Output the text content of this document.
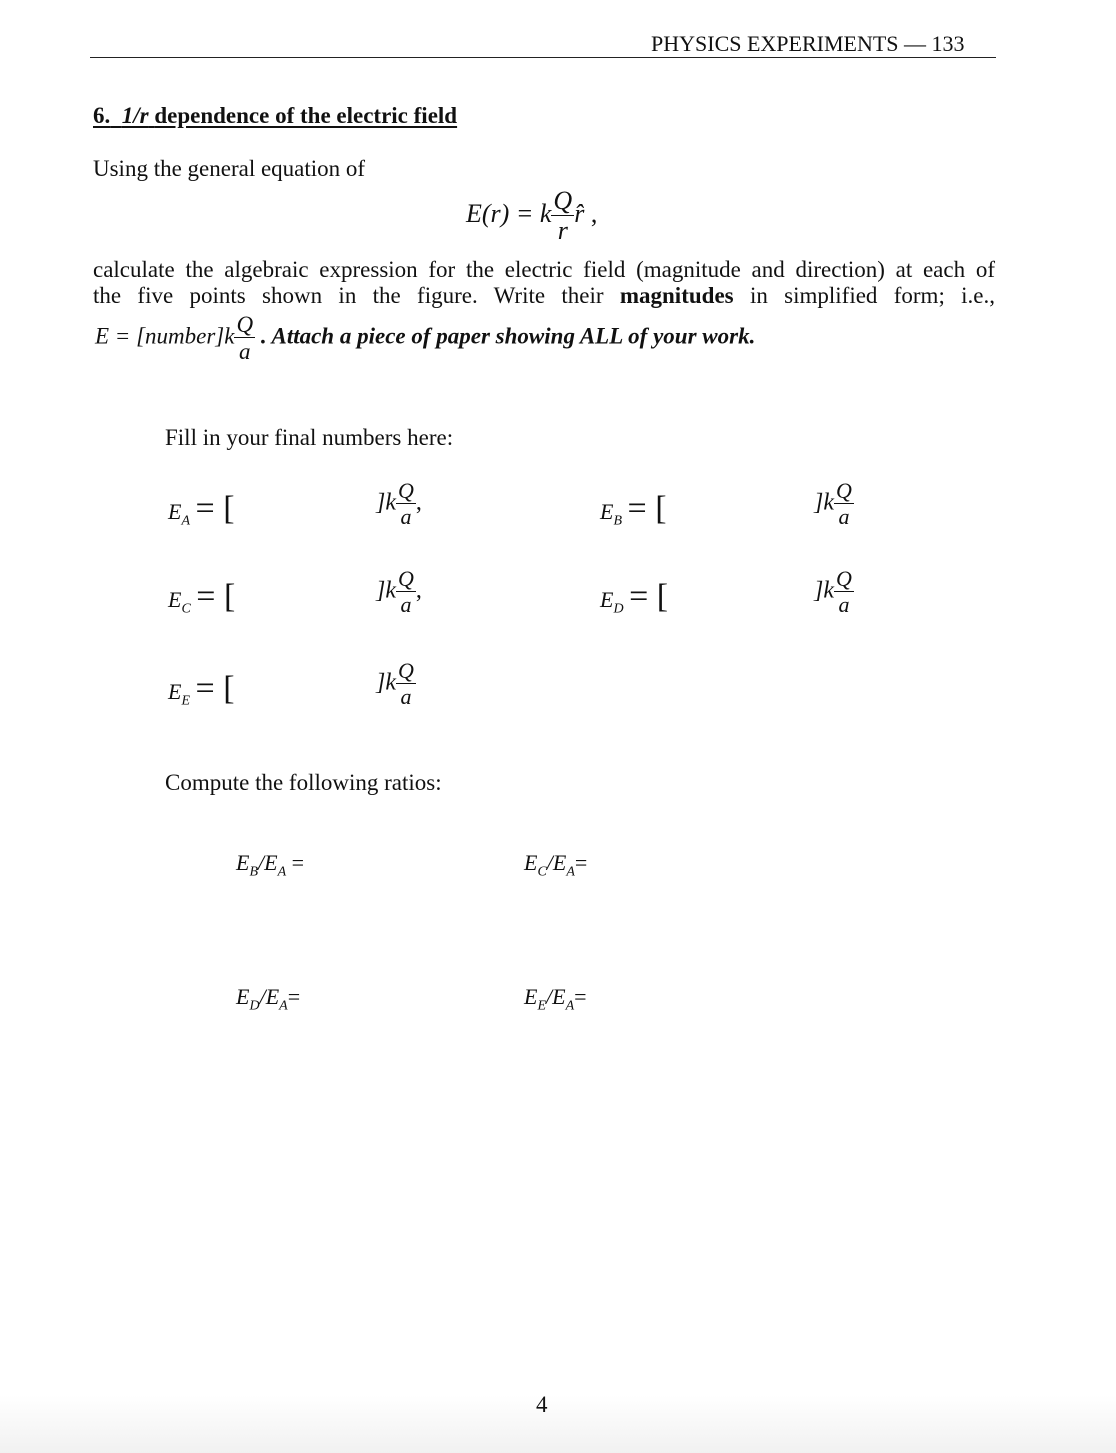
PHYSICS EXPERIMENTS — 133
6. 1/r dependence of the electric field
Using the general equation of
E(r) = k $\frac{Q}{r}$ r̂ ,
calculate the algebraic expression for the electric field (magnitude and direction) at each of
the five points shown in the figure. Write their magnitudes in simplified form; i.e.,
E = [number]k $\frac{Q}{a}$ . Attach a piece of paper showing ALL of your work.
Fill in your final numbers here:
$E_A$ = [	]$k \frac{Q}{a}$ ,	$E_B$ = [	]$k \frac{Q}{a}$
$E_C$ = [	]$k \frac{Q}{a}$ ,	$E_D$ = [	]$k \frac{Q}{a}$
$E_E$ = [	]$k \frac{Q}{a}$
Compute the following ratios:
$E_B/E_A$ =	$E_C/E_A=$
$E_D/E_A=$	$E_E/E_A=$
4
